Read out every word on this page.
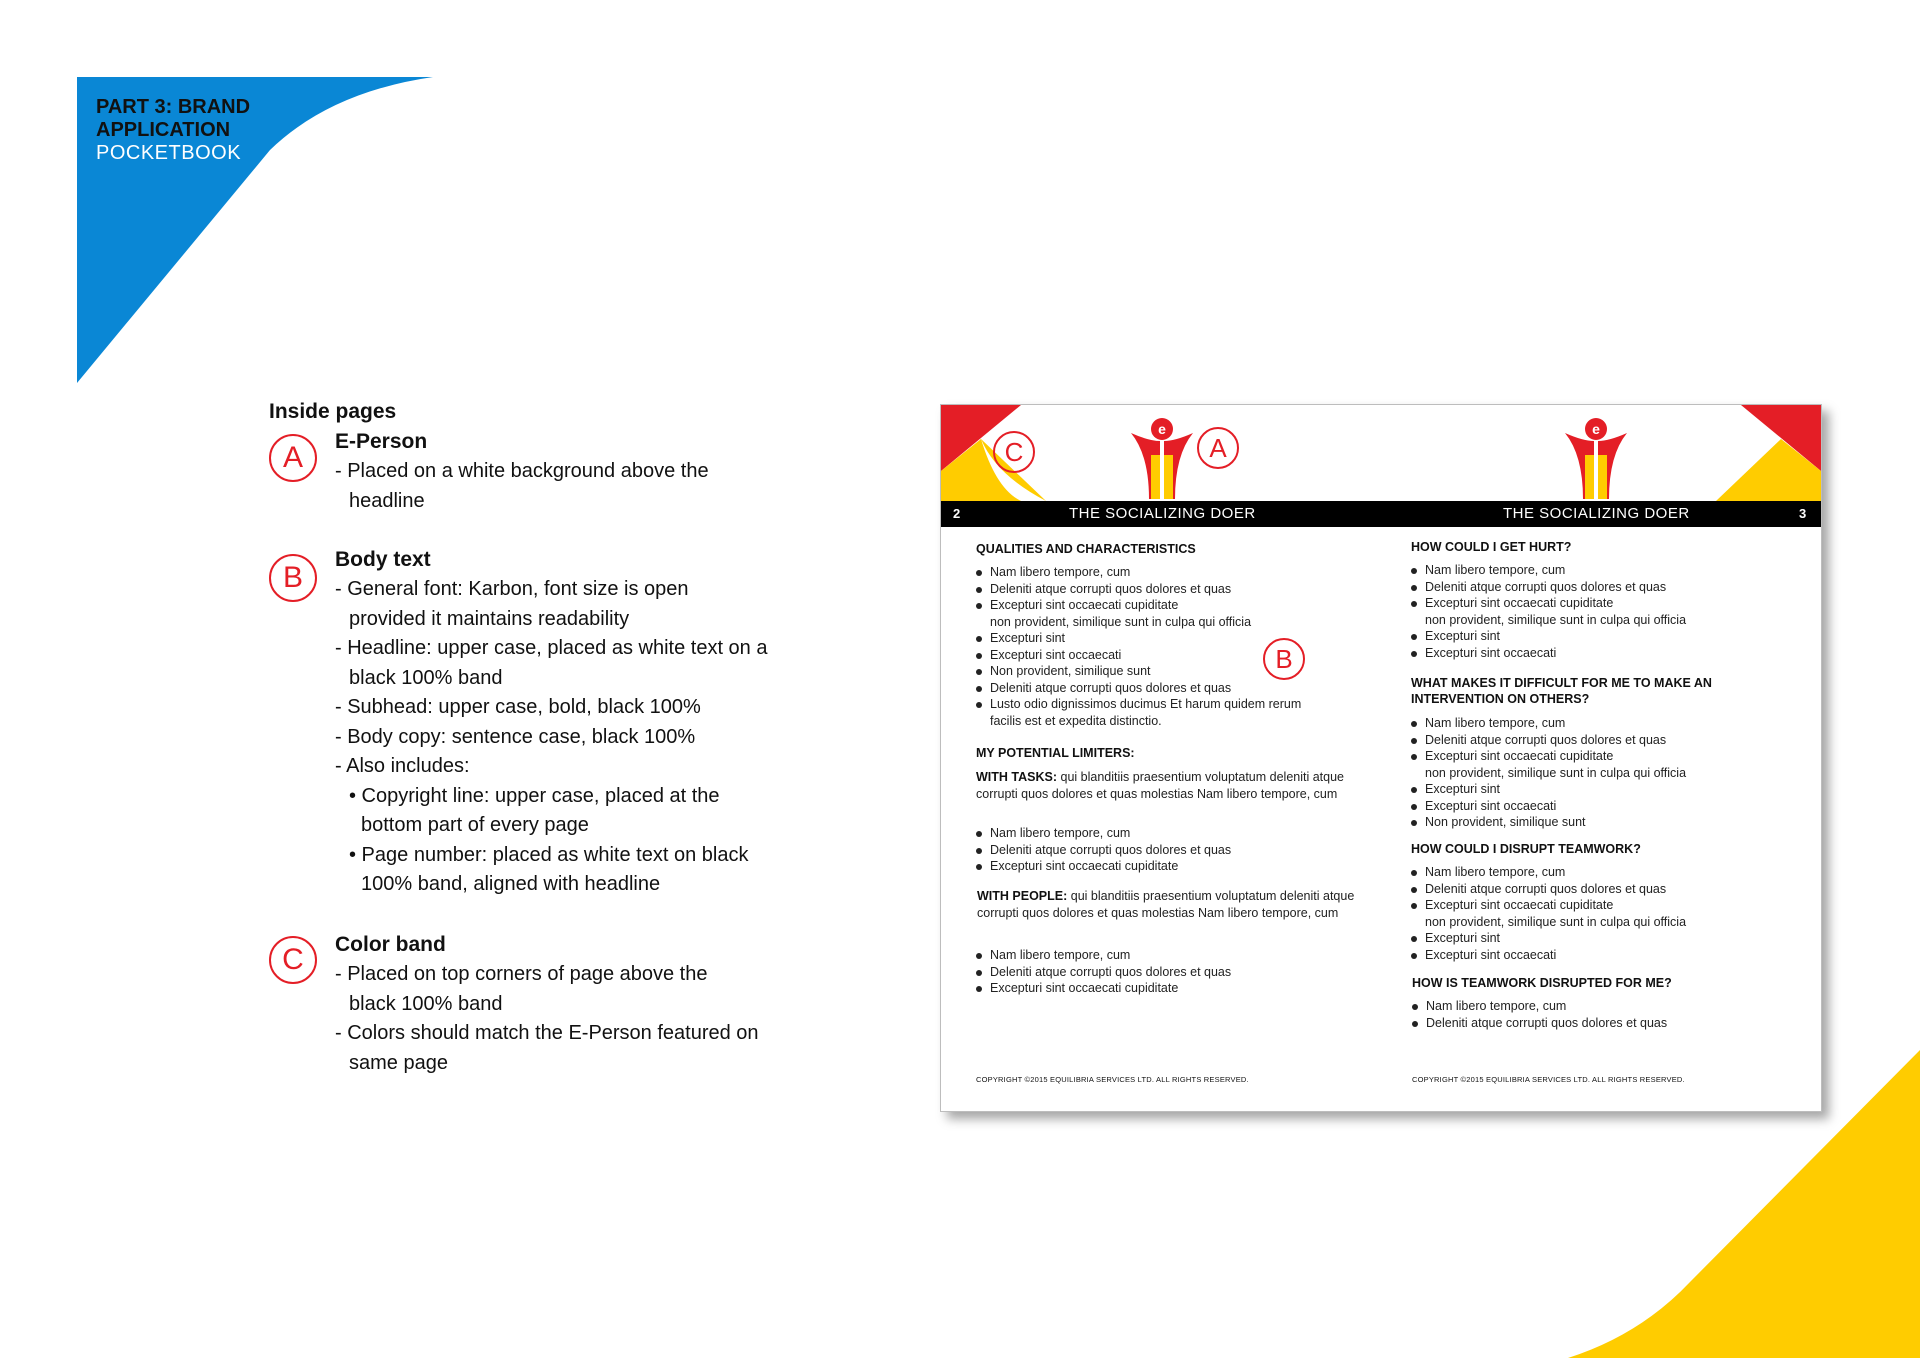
PART 3: BRAND
APPLICATION
POCKETBOOK
Inside pages
A	E-Person
- Placed on a white background above the
headline
B
Body text
- General font: Karbon, font size is open
provided it maintains readability
- Headline: upper case, placed as white text on a
black 100% band
- Subhead: upper case, bold, black 100%
- Body copy: sentence case, black 100%
- Also includes:
• Copyright line: upper case, placed at the
bottom part of every page
• Page number: placed as white text on black
100% band, aligned with headline
C	Color band
- Placed on top corners of page above the
black 100% band
- Colors should match the E-Person featured on
same page
e	e
C	A
B
2	THE SOCIALIZING DOER	THE SOCIALIZING DOER	3
QUALITIES AND CHARACTERISTICS
Nam libero tempore, cum
Deleniti atque corrupti quos dolores et quas
Excepturi sint occaecati cupiditate
non provident, similique sunt in culpa qui officia
Excepturi sint
Excepturi sint occaecati
Non provident, similique sunt
Deleniti atque corrupti quos dolores et quas
Lusto odio dignissimos ducimus Et harum quidem rerum
facilis est et expedita distinctio.
MY POTENTIAL LIMITERS:
WITH TASKS: qui blanditiis praesentium voluptatum deleniti atque corrupti quos dolores et quas molestias Nam libero tempore, cum
Nam libero tempore, cum
Deleniti atque corrupti quos dolores et quas
Excepturi sint occaecati cupiditate
WITH PEOPLE: qui blanditiis praesentium voluptatum deleniti atque corrupti quos dolores et quas molestias Nam libero tempore, cum
Nam libero tempore, cum
Deleniti atque corrupti quos dolores et quas
Excepturi sint occaecati cupiditate
COPYRIGHT ©2015 EQUILIBRIA SERVICES LTD. ALL RIGHTS RESERVED.
HOW COULD I GET HURT?
Nam libero tempore, cum
Deleniti atque corrupti quos dolores et quas
Excepturi sint occaecati cupiditate
non provident, similique sunt in culpa qui officia
Excepturi sint
Excepturi sint occaecati
WHAT MAKES IT DIFFICULT FOR ME TO MAKE AN
INTERVENTION ON OTHERS?
Nam libero tempore, cum
Deleniti atque corrupti quos dolores et quas
Excepturi sint occaecati cupiditate
non provident, similique sunt in culpa qui officia
Excepturi sint
Excepturi sint occaecati
Non provident, similique sunt
HOW COULD I DISRUPT TEAMWORK?
Nam libero tempore, cum
Deleniti atque corrupti quos dolores et quas
Excepturi sint occaecati cupiditate
non provident, similique sunt in culpa qui officia
Excepturi sint
Excepturi sint occaecati
HOW IS TEAMWORK DISRUPTED FOR ME?
Nam libero tempore, cum
Deleniti atque corrupti quos dolores et quas
COPYRIGHT ©2015 EQUILIBRIA SERVICES LTD. ALL RIGHTS RESERVED.
